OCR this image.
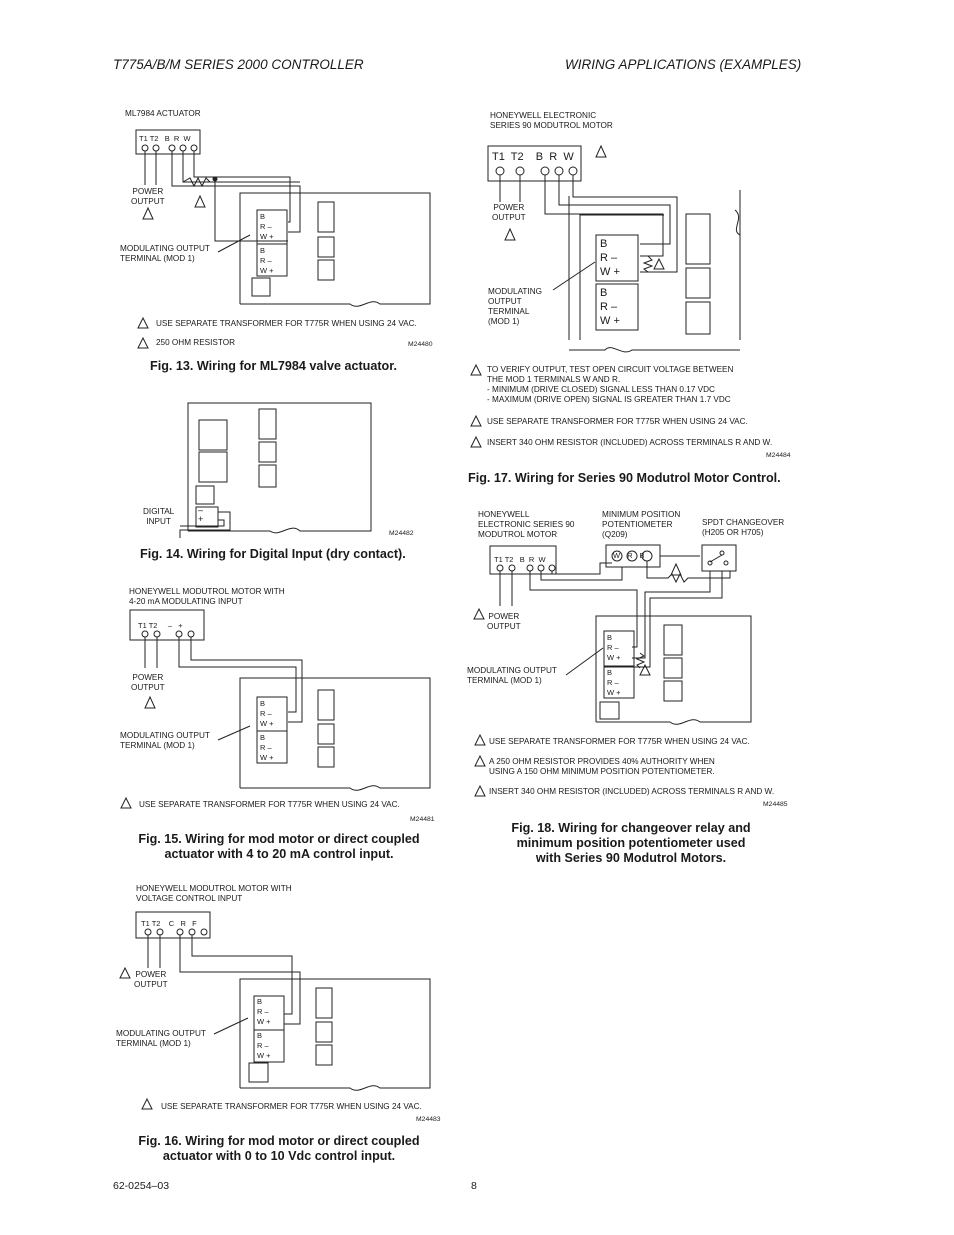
T775A/B/M SERIES 2000 CONTROLLER	WIRING APPLICATIONS (EXAMPLES)
ML7984 ACTUATOR
T1 T2   B  R  W
POWER
OUTPUT
MODULATING OUTPUT
TERMINAL (MOD 1)
B
R –
W +
B
R –
W +
USE SEPARATE TRANSFORMER FOR T775R WHEN USING 24 VAC.
250 OHM RESISTOR	M24480
Fig. 13. Wiring for ML7984 valve actuator.
DIGITAL
INPUT
–
+
M24482
Fig. 14. Wiring for Digital Input (dry contact).
HONEYWELL MODUTROL MOTOR WITH
4-20 mA MODULATING INPUT
T1 T2     –   +
POWER
OUTPUT
MODULATING OUTPUT
TERMINAL (MOD 1)
B
R –
W +
B
R –
W +
USE SEPARATE TRANSFORMER FOR T775R WHEN USING 24 VAC.
M24481
Fig. 15. Wiring for mod motor or direct coupled
actuator with 4 to 20 mA control input.
HONEYWELL MODUTROL MOTOR WITH
VOLTAGE CONTROL INPUT
T1 T2    C   R   F
POWER
OUTPUT
MODULATING OUTPUT
TERMINAL (MOD 1)
B
R –
W +
B
R –
W +
USE SEPARATE TRANSFORMER FOR T775R WHEN USING 24 VAC.
M24483
Fig. 16. Wiring for mod motor or direct coupled
actuator with 0 to 10 Vdc control input.
HONEYWELL ELECTRONIC
SERIES 90 MODUTROL MOTOR
T1  T2    B  R  W
POWER
OUTPUT
MODULATING
OUTPUT
TERMINAL
(MOD 1)
B
R –
W +
B
R –
W +
TO VERIFY OUTPUT, TEST OPEN CIRCUIT VOLTAGE BETWEEN
THE MOD 1 TERMINALS W AND R.
- MINIMUM (DRIVE CLOSED) SIGNAL LESS THAN 0.17 VDC
- MAXIMUM (DRIVE OPEN) SIGNAL IS GREATER THAN 1.7 VDC
USE SEPARATE TRANSFORMER FOR T775R WHEN USING 24 VAC.
INSERT 340 OHM RESISTOR (INCLUDED) ACROSS TERMINALS R AND W.
M24484
Fig. 17. Wiring for Series 90 Modutrol Motor Control.
HONEYWELL
ELECTRONIC SERIES 90
MODUTROL MOTOR
MINIMUM POSITION
POTENTIOMETER
(Q209)
SPDT CHANGEOVER
(H205 OR H705)
WRB
T1 T2   B  R  W
POWER
OUTPUT
MODULATING OUTPUT
TERMINAL (MOD 1)
B
R –
W +
B
R –
W +
USE SEPARATE TRANSFORMER FOR T775R WHEN USING 24 VAC.
A 250 OHM RESISTOR PROVIDES 40% AUTHORITY WHEN
USING A 150 OHM MINIMUM POSITION POTENTIOMETER.
INSERT 340 OHM RESISTOR (INCLUDED) ACROSS TERMINALS R AND W.
M24485
Fig. 18. Wiring for changeover relay and
minimum position potentiometer used
with Series 90 Modutrol Motors.
62-0254–03	8
